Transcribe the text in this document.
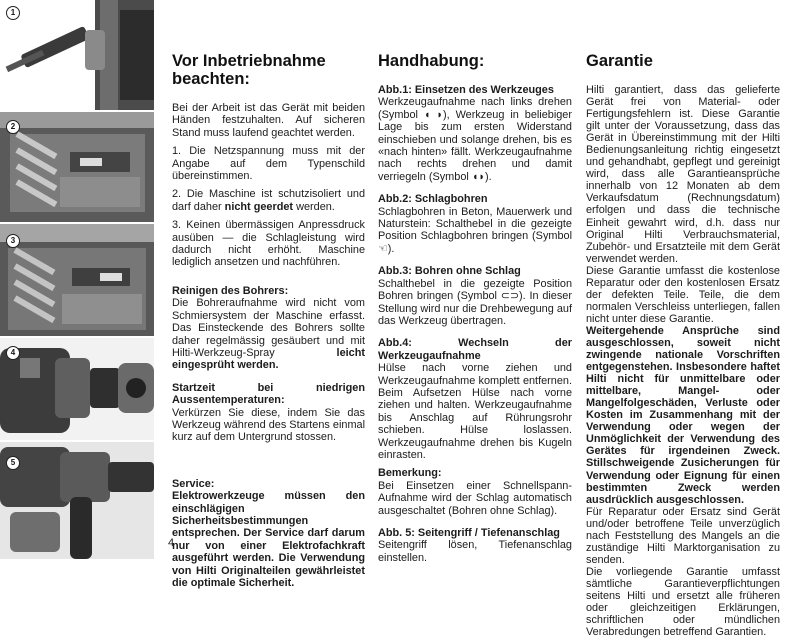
1
2
3
4
5
Vor Inbetriebnahme beachten:

Bei der Arbeit ist das Gerät mit beiden Händen festzuhalten. Auf sicheren Stand muss laufend geachtet werden.

1. Die Netzspannung muss mit der Angabe auf dem Typenschild übereinstimmen.

2. Die Maschine ist schutzisoliert und darf daher nicht geerdet werden.

3. Keinen übermässigen Anpressdruck ausüben — die Schlagleistung wird dadurch nicht erhöht. Maschine lediglich ansetzen und nachführen.

Reinigen des Bohrers:

Die Bohreraufnahme wird nicht vom Schmiersystem der Maschine erfasst. Das Einsteckende des Bohrers sollte daher regelmässig gesäubert und mit Hilti-Werkzeug-Spray leicht eingesprüht werden.

Startzeit bei niedrigen Aussentemperaturen:

Verkürzen Sie diese, indem Sie das Werkzeug während des Startens einmal kurz auf dem Untergrund stossen.

Service:

Elektrowerkzeuge müssen den einschlägigen Sicherheitsbestimmungen entsprechen. Der Service darf darum nur von einer Elektrofachkraft ausgeführt werden. Die Verwendung von Hilti Originalteilen gewährleistet die optimale Sicherheit.

Handhabung:

Abb.1: Einsetzen des Werkzeuges

Werkzeugaufnahme nach links drehen (Symbol ◖ ◗), Werkzeug in beliebiger Lage bis zum ersten Widerstand einschieben und solange drehen, bis es «nach hinten» fällt. Werkzeugaufnahme nach rechts drehen und damit verriegeln (Symbol ◖◗).

Abb.2: Schlagbohren

Schlagbohren in Beton, Mauerwerk und Naturstein: Schalthebel in die gezeigte Position Schlagbohren bringen (Symbol ☜).

Abb.3: Bohren ohne Schlag

Schalthebel in die gezeigte Position Bohren bringen (Symbol ⊂⊃). In dieser Stellung wird nur die Drehbewegung auf das Werkzeug übertragen.

Abb.4: Wechseln der Werkzeugaufnahme

Hülse nach vorne ziehen und Werkzeugaufnahme komplett entfernen. Beim Aufsetzen Hülse nach vorne ziehen und halten. Werkzeugaufnahme bis Anschlag auf Rührungsrohr schieben. Hülse loslassen. Werkzeugaufnahme drehen bis Kugeln einrasten.

Bemerkung:

Bei Einsetzen einer Schnellspann-Aufnahme wird der Schlag automatisch ausgeschaltet (Bohren ohne Schlag).

Abb. 5: Seitengriff / Tiefenanschlag

Seitengriff lösen, Tiefenanschlag einstellen.

Garantie

Hilti garantiert, dass das gelieferte Gerät frei von Material- oder Fertigungsfehlern ist. Diese Garantie gilt unter der Voraussetzung, dass das Gerät in Übereinstimmung mit der Hilti Bedienungsanleitung richtig eingesetzt und gehandhabt, gepflegt und gereinigt wird, dass alle Garantieansprüche innerhalb von 12 Monaten ab dem Verkaufsdatum (Rechnungsdatum) erfolgen und dass die technische Einheit gewahrt wird, d.h. dass nur Original Hilti Verbrauchsmaterial, Zubehör- und Ersatzteile mit dem Gerät verwendet werden.

Diese Garantie umfasst die kostenlose Reparatur oder den kostenlosen Ersatz der defekten Teile. Teile, die dem normalen Verschleiss unterliegen, fallen nicht unter diese Garantie.

Weitergehende Ansprüche sind ausgeschlossen, soweit nicht zwingende nationale Vorschriften entgegenstehen. Insbesondere haftet Hilti nicht für unmittelbare oder mittelbare, Mangel- oder Mangelfolgeschäden, Verluste oder Kosten im Zusammenhang mit der Verwendung oder wegen der Unmöglichkeit der Verwendung des Gerätes für irgendeinen Zweck. Stillschweigende Zusicherungen für Verwendung oder Eignung für einen bestimmten Zweck werden ausdrücklich ausgeschlossen.

Für Reparatur oder Ersatz sind Gerät und/oder betroffene Teile unverzüglich nach Feststellung des Mangels an die zuständige Hilti Marktorganisation zu senden.

Die vorliegende Garantie umfasst sämtliche Garantieverpflichtungen seitens Hilti und ersetzt alle früheren oder gleichzeitigen Erklärungen, schriftlichen oder mündlichen Verabredungen betreffend Garantien.

4
